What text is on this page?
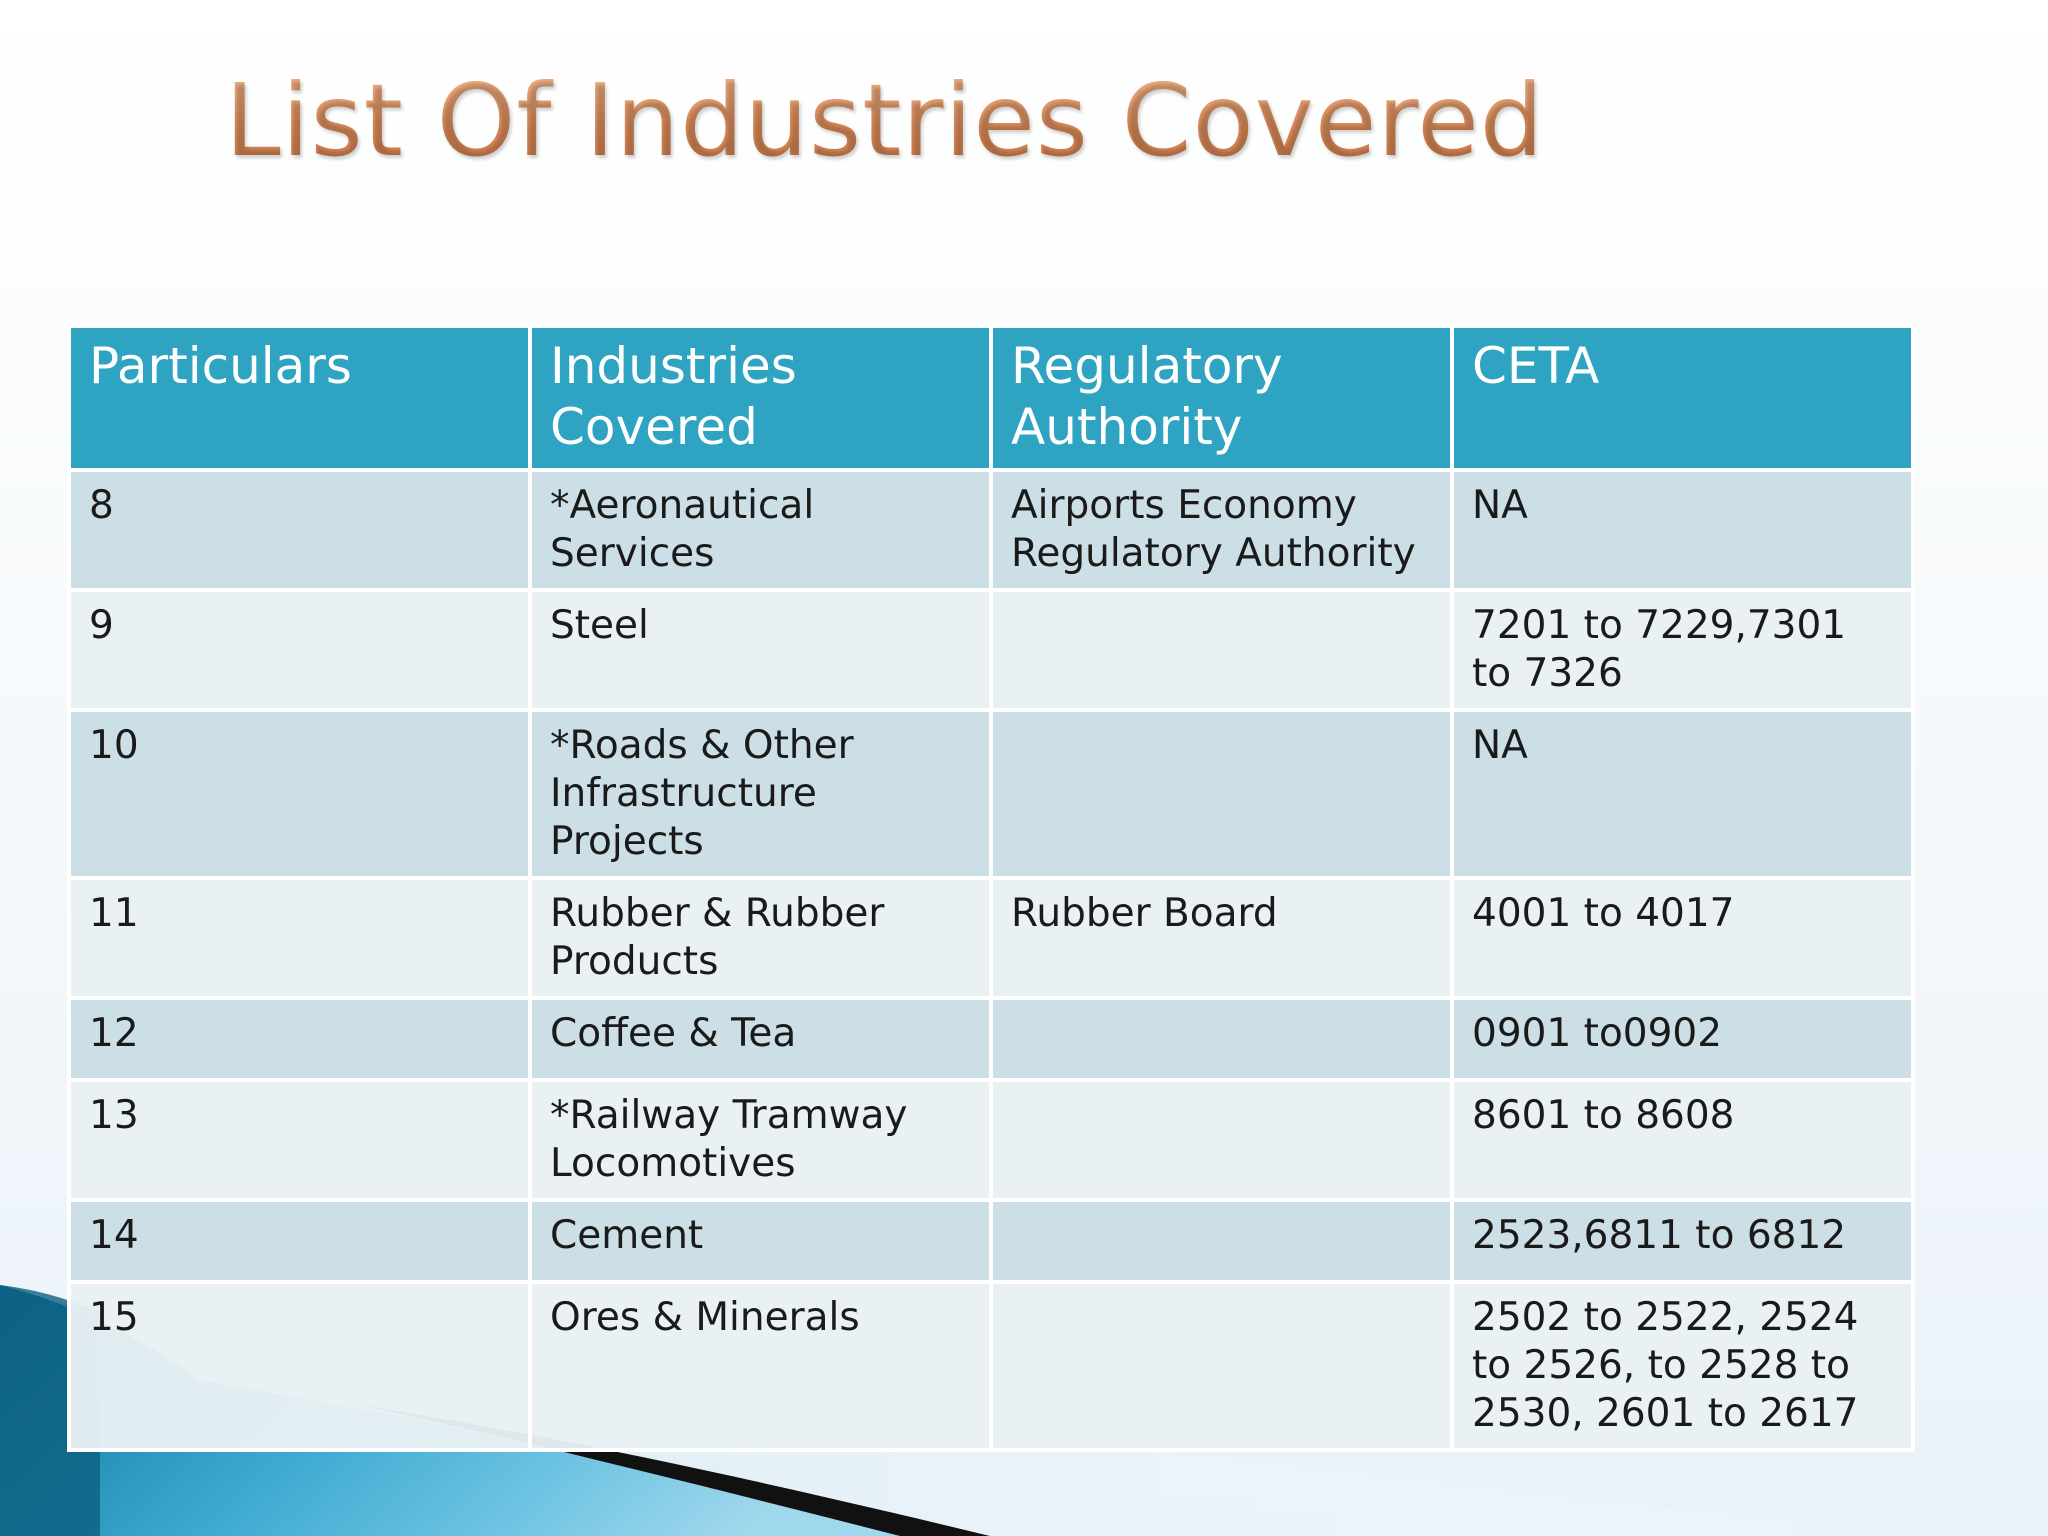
List Of Industries Covered
Particulars	Industries Covered	Regulatory Authority	CETA
8	*Aeronautical Services	Airports Economy Regulatory Authority	NA
9	Steel		7201 to 7229,7301 to 7326
10	*Roads & Other Infrastructure Projects		NA
11	Rubber & Rubber Products	Rubber Board	4001 to 4017
12	Coffee & Tea		0901 to0902
13	*Railway Tramway Locomotives		8601 to 8608
14	Cement		2523,6811 to 6812
15	Ores & Minerals		2502 to 2522, 2524 to 2526, to 2528 to 2530, 2601 to 2617
